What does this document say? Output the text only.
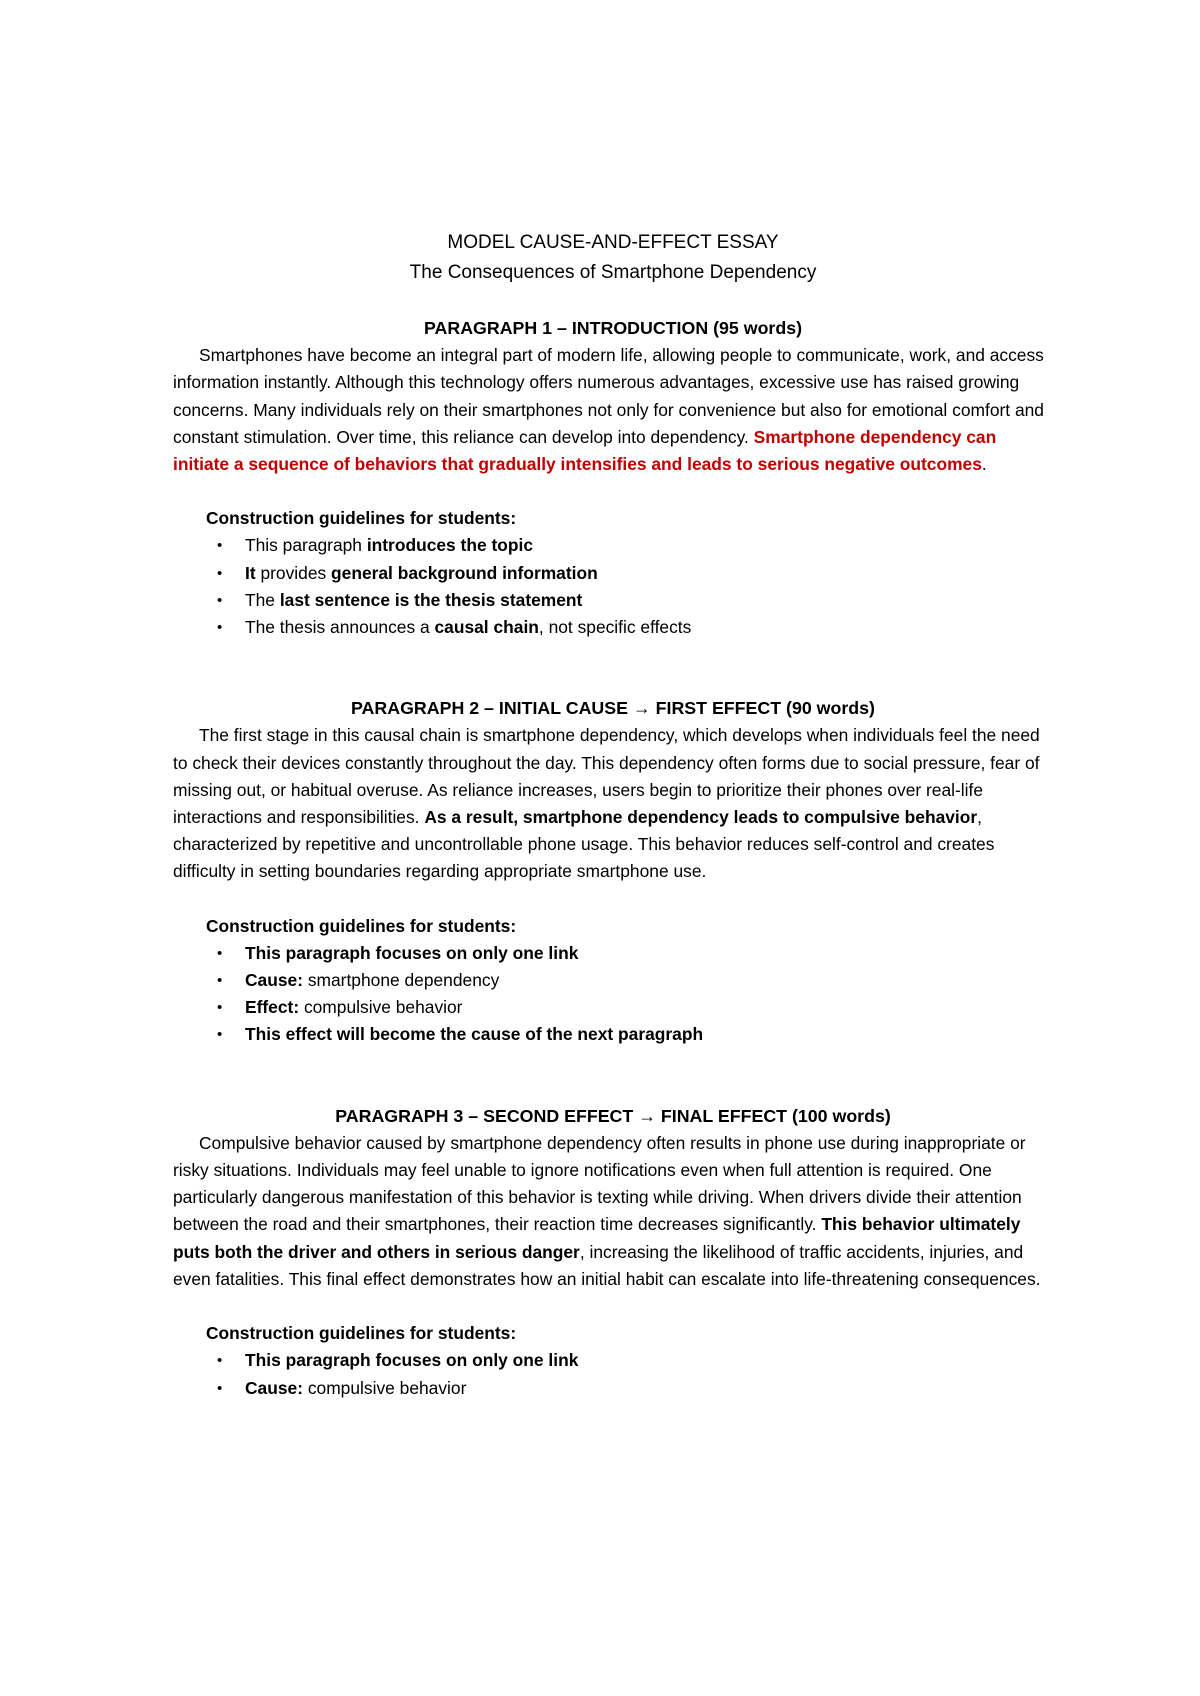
MODEL CAUSE-AND-EFFECT ESSAY
The Consequences of Smartphone Dependency
PARAGRAPH 1 – INTRODUCTION (95 words)

Smartphones have become an integral part of modern life, allowing people to communicate, work, and access information instantly. Although this technology offers numerous advantages, excessive use has raised growing concerns. Many individuals rely on their smartphones not only for convenience but also for emotional comfort and constant stimulation. Over time, this reliance can develop into dependency. Smartphone dependency can initiate a sequence of behaviors that gradually intensifies and leads to serious negative outcomes.

Construction guidelines for students:
• This paragraph introduces the topic
• It provides general background information
• The last sentence is the thesis statement
• The thesis announces a causal chain, not specific effects
PARAGRAPH 2 – INITIAL CAUSE → FIRST EFFECT (90 words)

The first stage in this causal chain is smartphone dependency, which develops when individuals feel the need to check their devices constantly throughout the day. This dependency often forms due to social pressure, fear of missing out, or habitual overuse. As reliance increases, users begin to prioritize their phones over real-life interactions and responsibilities. As a result, smartphone dependency leads to compulsive behavior, characterized by repetitive and uncontrollable phone usage. This behavior reduces self-control and creates difficulty in setting boundaries regarding appropriate smartphone use.

Construction guidelines for students:
• This paragraph focuses on only one link
• Cause: smartphone dependency
• Effect: compulsive behavior
• This effect will become the cause of the next paragraph
PARAGRAPH 3 – SECOND EFFECT → FINAL EFFECT (100 words)

Compulsive behavior caused by smartphone dependency often results in phone use during inappropriate or risky situations. Individuals may feel unable to ignore notifications even when full attention is required. One particularly dangerous manifestation of this behavior is texting while driving. When drivers divide their attention between the road and their smartphones, their reaction time decreases significantly. This behavior ultimately puts both the driver and others in serious danger, increasing the likelihood of traffic accidents, injuries, and even fatalities. This final effect demonstrates how an initial habit can escalate into life-threatening consequences.

Construction guidelines for students:
• This paragraph focuses on only one link
• Cause: compulsive behavior
